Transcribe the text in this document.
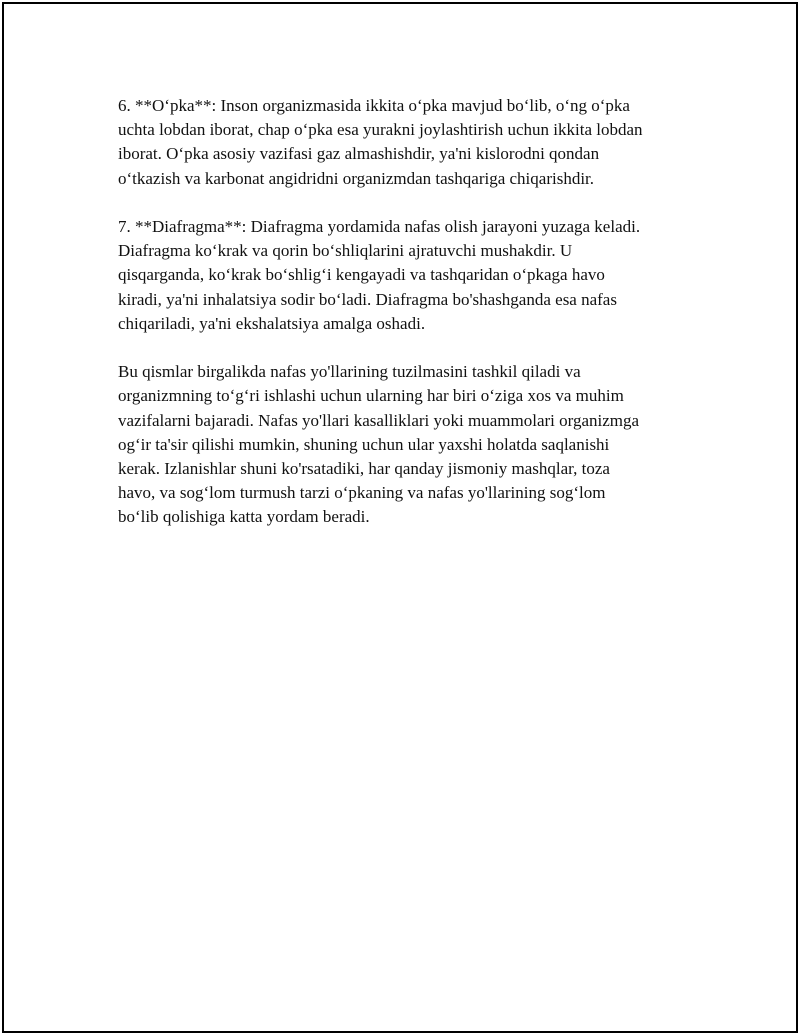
6. **O‘pka**: Inson organizmasida ikkita o‘pka mavjud bo‘lib, o‘ng o‘pka
uchta lobdan iborat, chap o‘pka esa yurakni joylashtirish uchun ikkita lobdan
iborat. O‘pka asosiy vazifasi gaz almashishdir, ya'ni kislorodni qondan
o‘tkazish va karbonat angidridni organizmdan tashqariga chiqarishdir.

7. **Diafragma**: Diafragma yordamida nafas olish jarayoni yuzaga keladi.
Diafragma ko‘krak va qorin bo‘shliqlarini ajratuvchi mushakdir. U
qisqarganda, ko‘krak bo‘shlig‘i kengayadi va tashqaridan o‘pkaga havo
kiradi, ya'ni inhalatsiya sodir bo‘ladi. Diafragma bo'shashganda esa nafas
chiqariladi, ya'ni ekshalatsiya amalga oshadi.

Bu qismlar birgalikda nafas yo'llarining tuzilmasini tashkil qiladi va
organizmning to‘g‘ri ishlashi uchun ularning har biri o‘ziga xos va muhim
vazifalarni bajaradi. Nafas yo'llari kasalliklari yoki muammolari organizmga
og‘ir ta'sir qilishi mumkin, shuning uchun ular yaxshi holatda saqlanishi
kerak. Izlanishlar shuni ko'rsatadiki, har qanday jismoniy mashqlar, toza
havo, va sog‘lom turmush tarzi o‘pkaning va nafas yo'llarining sog‘lom
bo‘lib qolishiga katta yordam beradi.
